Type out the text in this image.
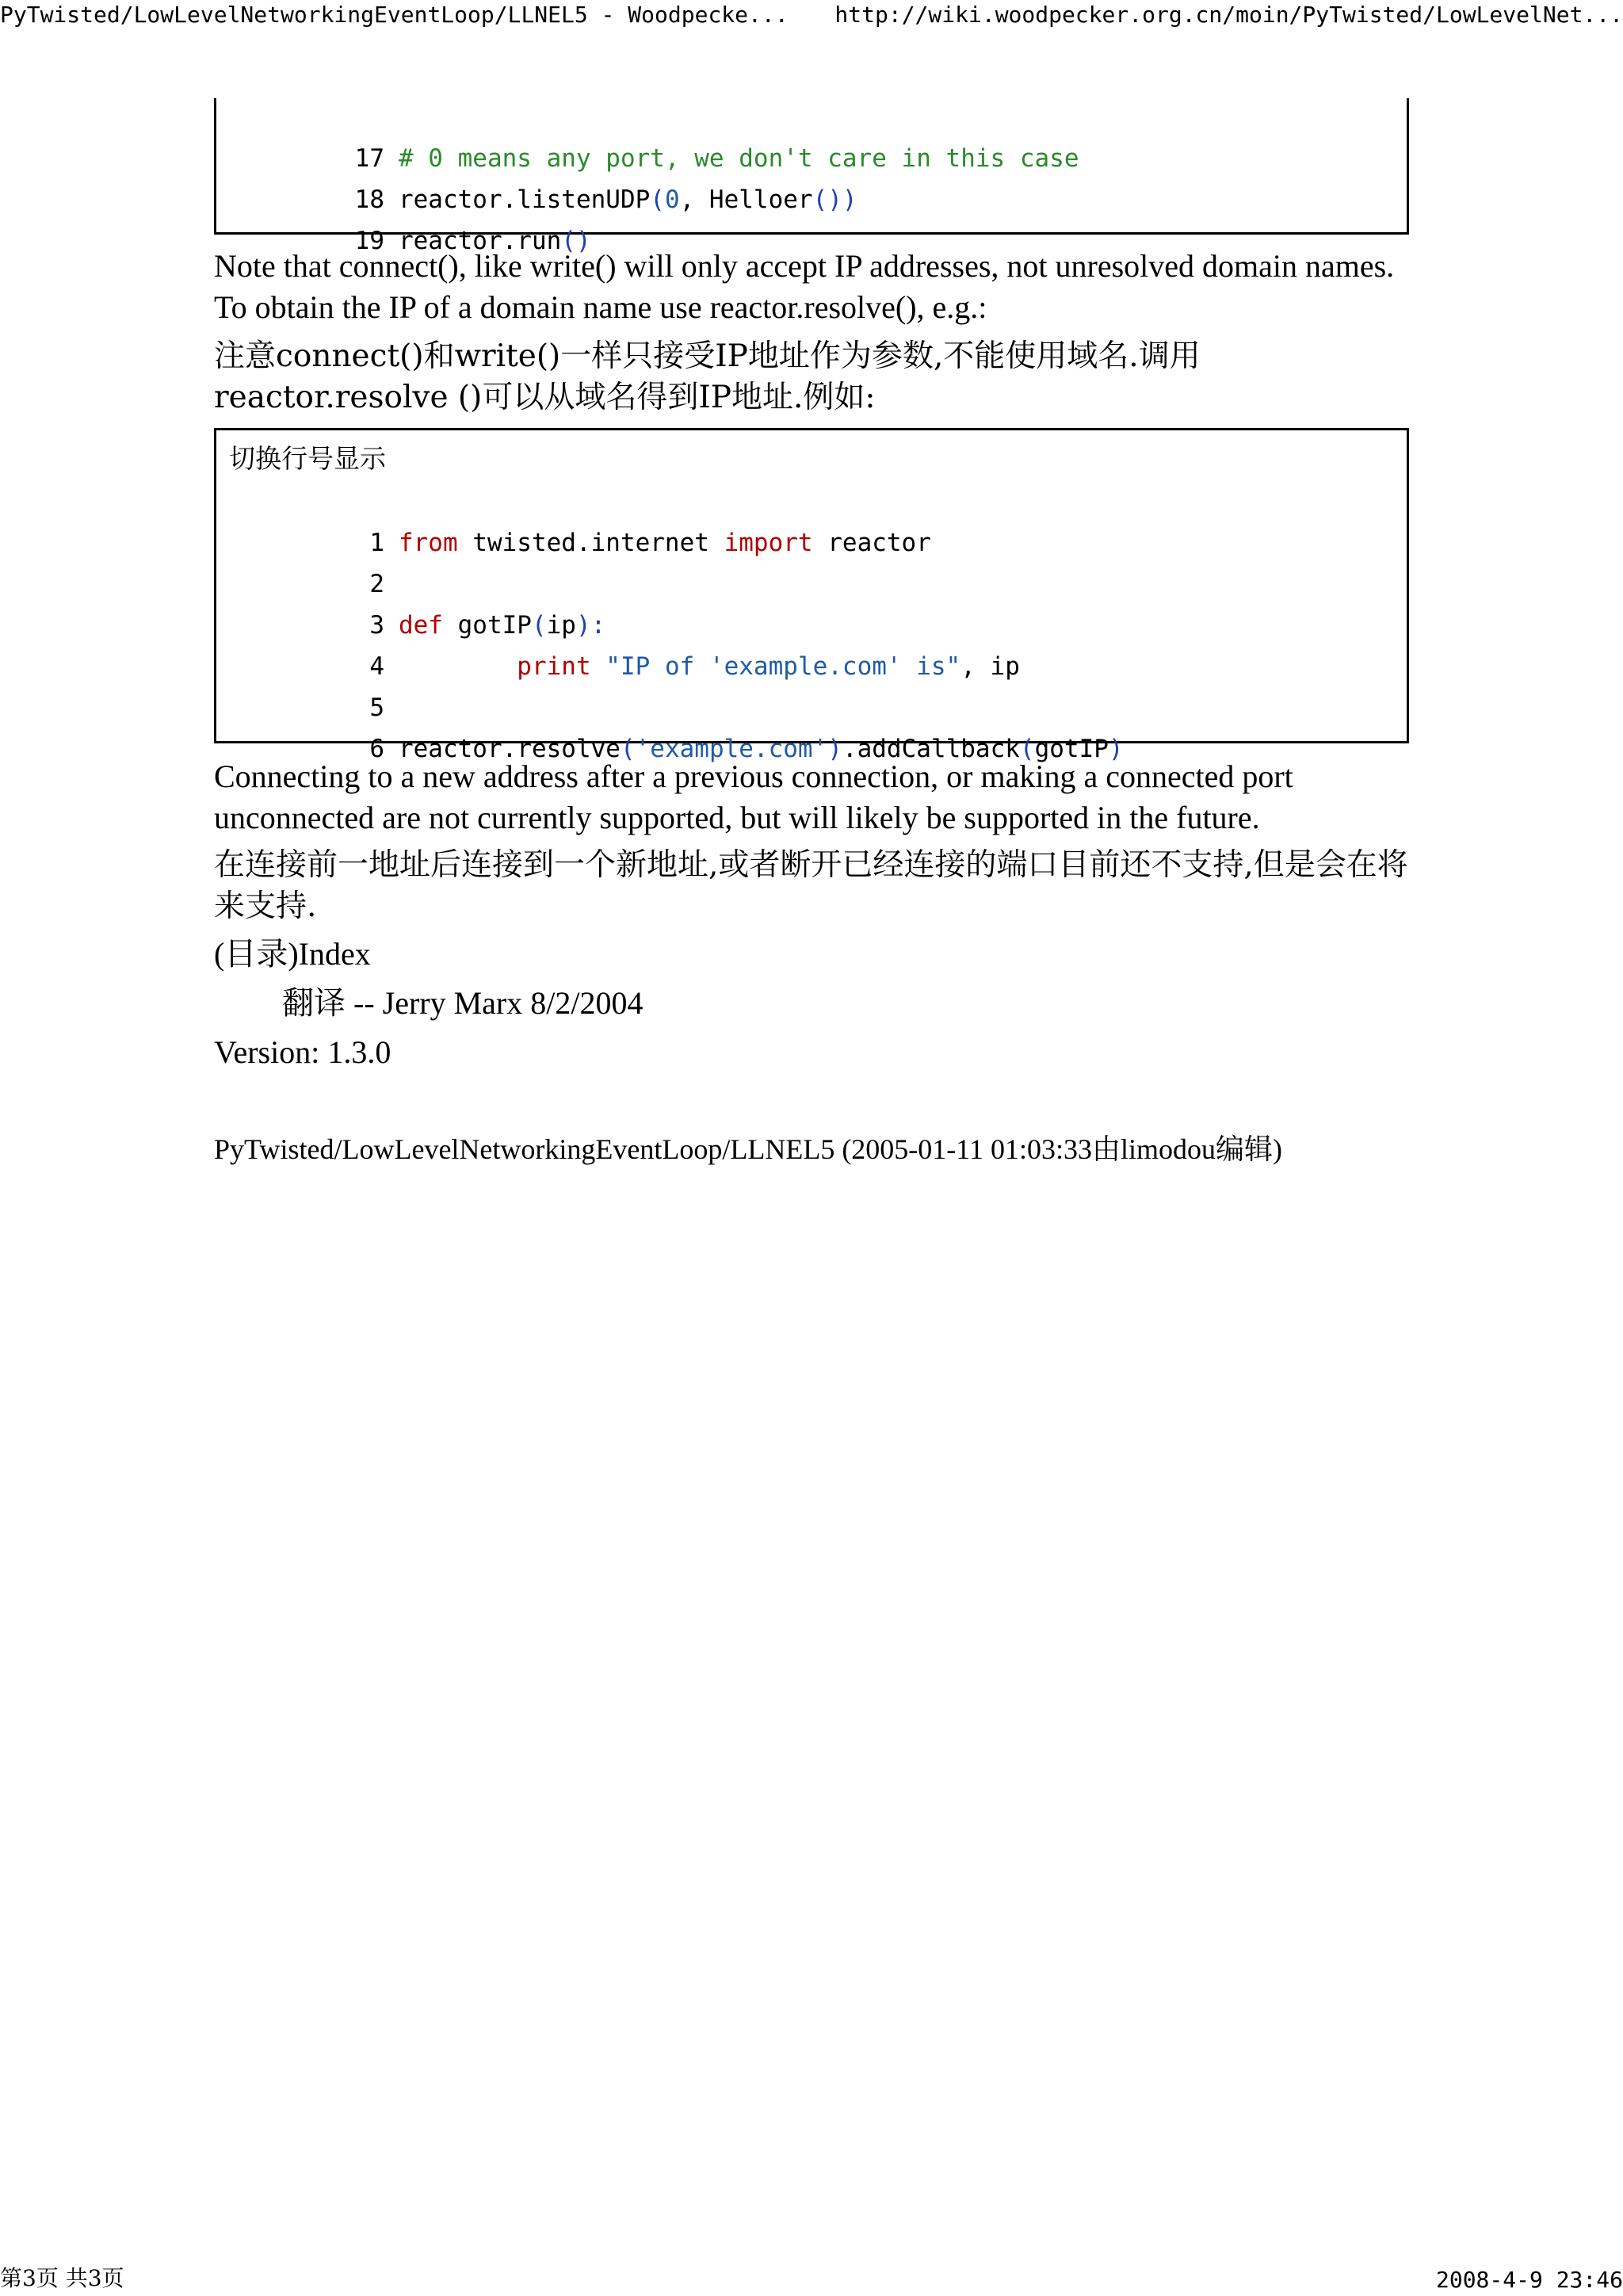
PyTwisted/LowLevelNetworkingEventLoop/LLNEL5 - Woodpecke... http://wiki.woodpecker.org.cn/moin/PyTwisted/LowLevelNet...

17 # 0 means any port, we don't care in this case

18 reactor.listenUDP(0, Helloer())

19 reactor.run()

Note that connect(), like write() will only accept IP addresses, not unresolved domain names. To obtain the IP of a domain name use reactor.resolve(), e.g.:
注意connect()和write()一样只接受IP地址作为参数,不能使用域名.调用reactor.resolve ()可以从域名得到IP地址.例如:
切换行号显示

1 from twisted.internet import reactor

2

3 def gotIP(ip):

4	print "IP of 'example.com' is", ip

5

6 reactor.resolve('example.com').addCallback(gotIP)

Connecting to a new address after a previous connection, or making a connected port unconnected are not currently supported, but will likely be supported in the future.
在连接前一地址后连接到一个新地址,或者断开已经连接的端口目前还不支持,但是会在将来支持.
(目录)Index
翻译 -- Jerry Marx 8/2/2004
Version: 1.3.0
PyTwisted/LowLevelNetworkingEventLoop/LLNEL5 (2005-01-11 01:03:33由limodou编辑)
第3页 共3页	2008-4-9 23:46
